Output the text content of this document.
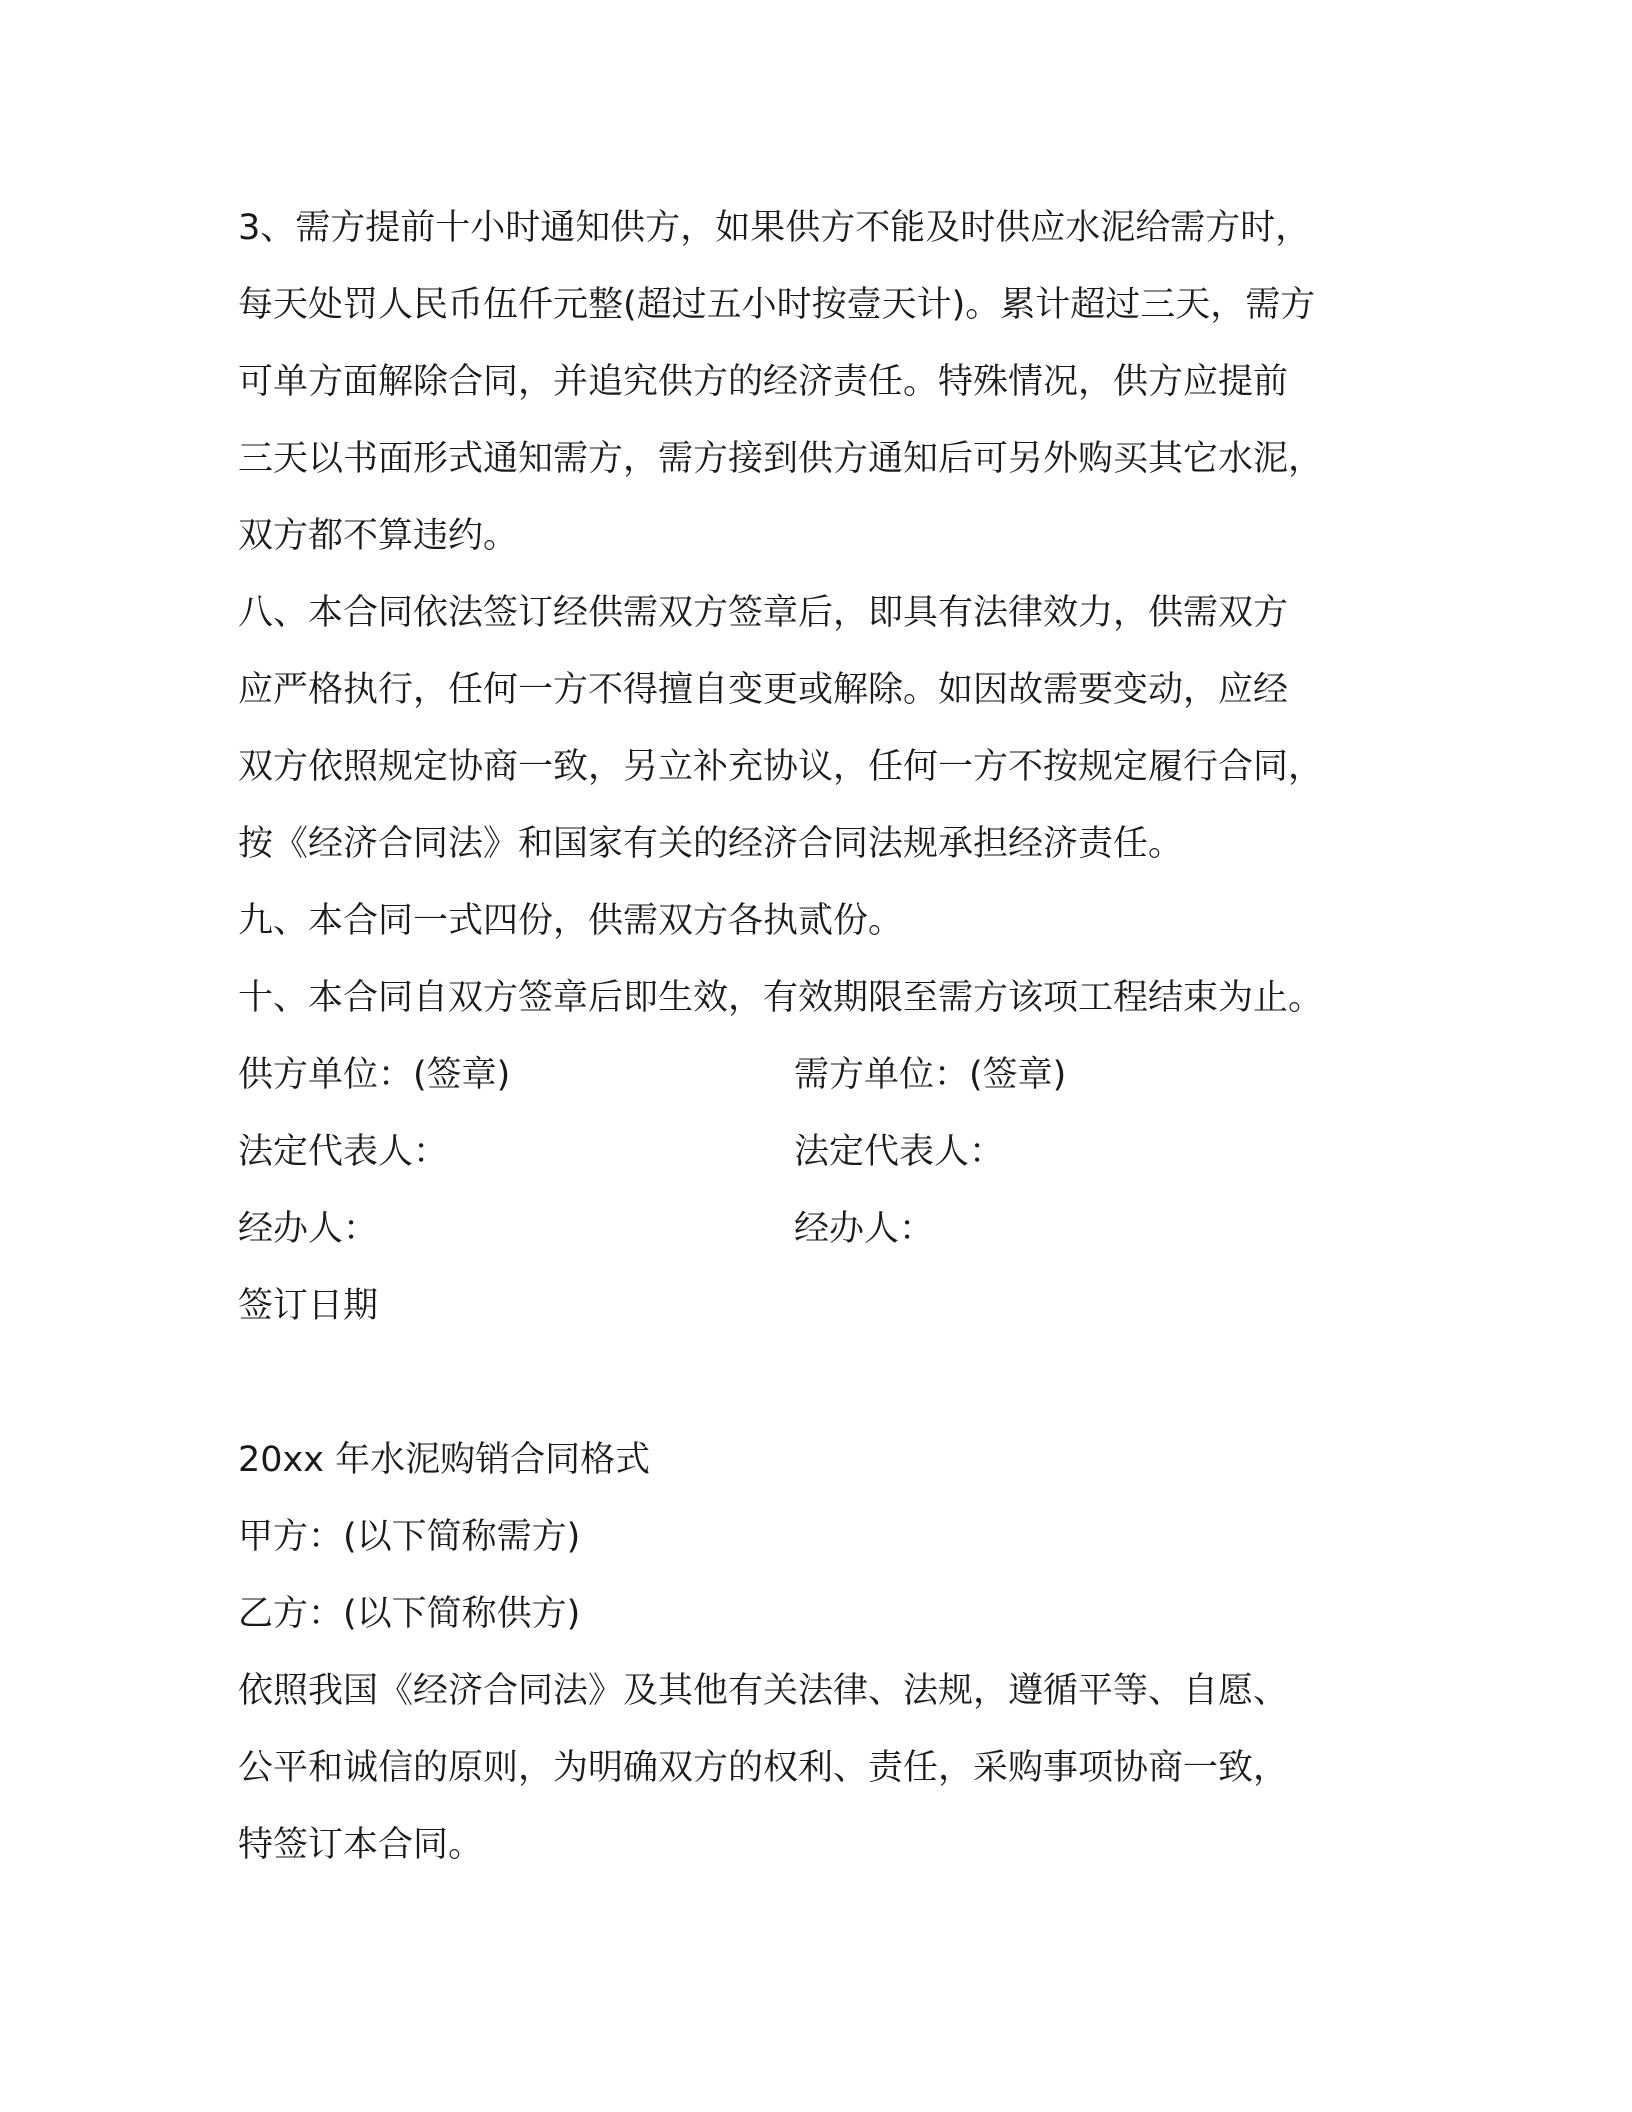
3、需方提前十小时通知供方，如果供方不能及时供应水泥给需方时，
每天处罚人民币伍仟元整(超过五小时按壹天计)。累计超过三天，需方
可单方面解除合同，并追究供方的经济责任。特殊情况，供方应提前
三天以书面形式通知需方，需方接到供方通知后可另外购买其它水泥，
双方都不算违约。
八、本合同依法签订经供需双方签章后，即具有法律效力，供需双方
应严格执行，任何一方不得擅自变更或解除。如因故需要变动，应经
双方依照规定协商一致，另立补充协议，任何一方不按规定履行合同，
按《经济合同法》和国家有关的经济合同法规承担经济责任。
九、本合同一式四份，供需双方各执贰份。
十、本合同自双方签章后即生效，有效期限至需方该项工程结束为止。
供方单位：(签章)	需方单位：(签章)
法定代表人：	法定代表人：
经办人：	经办人：
签订日期
20xx 年水泥购销合同格式
甲方：(以下简称需方)
乙方：(以下简称供方)
依照我国《经济合同法》及其他有关法律、法规，遵循平等、自愿、
公平和诚信的原则，为明确双方的权利、责任，采购事项协商一致，
特签订本合同。
